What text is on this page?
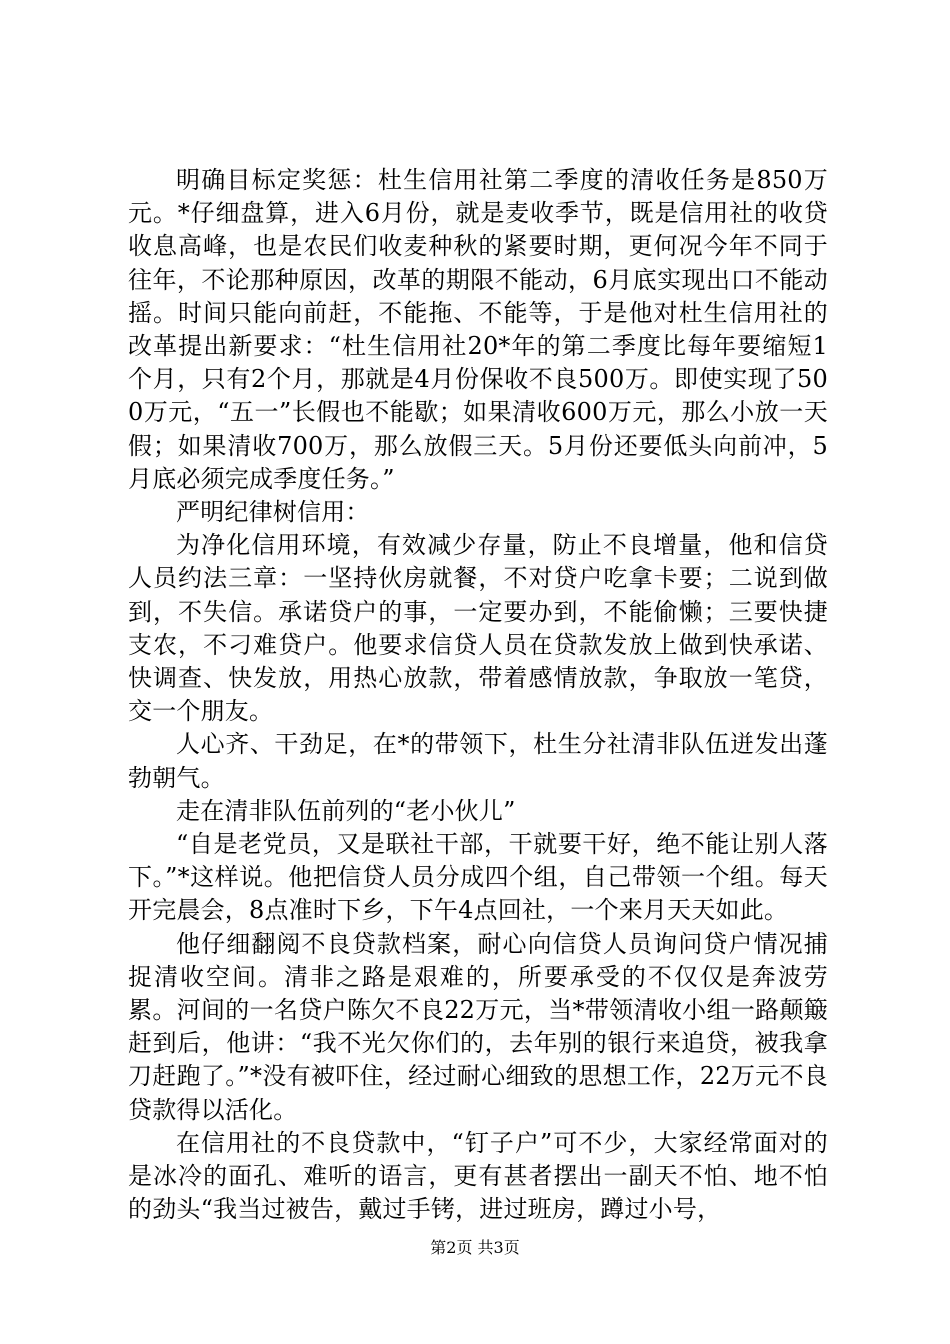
明确目标定奖惩：杜生信用社第二季度的清收任务是850万元。*仔细盘算，进入6月份，就是麦收季节，既是信用社的收贷收息高峰，也是农民们收麦种秋的紧要时期，更何况今年不同于往年，不论那种原因，改革的期限不能动，6月底实现出口不能动摇。时间只能向前赶，不能拖、不能等，于是他对杜生信用社的改革提出新要求：“杜生信用社20*年的第二季度比每年要缩短1个月，只有2个月，那就是4月份保收不良500万。即使实现了500万元，“五一”长假也不能歇；如果清收600万元，那么小放一天假；如果清收700万，那么放假三天。5月份还要低头向前冲，5月底必须完成季度任务。”

严明纪律树信用：

为净化信用环境，有效减少存量，防止不良增量，他和信贷人员约法三章：一坚持伙房就餐，不对贷户吃拿卡要；二说到做到，不失信。承诺贷户的事，一定要办到，不能偷懒；三要快捷支农，不刁难贷户。他要求信贷人员在贷款发放上做到快承诺、快调查、快发放，用热心放款，带着感情放款，争取放一笔贷，交一个朋友。

人心齐、干劲足，在*的带领下，杜生分社清非队伍迸发出蓬勃朝气。

走在清非队伍前列的“老小伙儿”

“自是老党员，又是联社干部，干就要干好，绝不能让别人落下。”*这样说。他把信贷人员分成四个组，自己带领一个组。每天开完晨会，8点准时下乡，下午4点回社，一个来月天天如此。

他仔细翻阅不良贷款档案，耐心向信贷人员询问贷户情况捕捉清收空间。清非之路是艰难的，所要承受的不仅仅是奔波劳累。河间的一名贷户陈欠不良22万元，当*带领清收小组一路颠簸赶到后，他讲：“我不光欠你们的，去年别的银行来追贷，被我拿刀赶跑了。”*没有被吓住，经过耐心细致的思想工作，22万元不良贷款得以活化。

在信用社的不良贷款中，“钉子户”可不少，大家经常面对的是冰冷的面孔、难听的语言，更有甚者摆出一副天不怕、地不怕的劲头“我当过被告，戴过手铐，进过班房，蹲过小号，

第2页 共3页
